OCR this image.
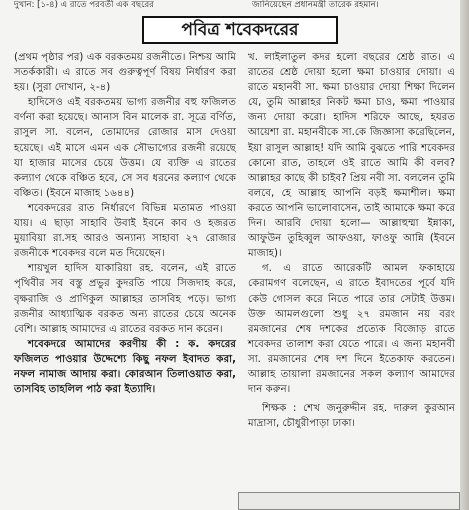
দুখান: [১-৪) এ রাতে পরবর্তী এক বছরের	জানিয়েছেন প্রধানমন্ত্রী তারেক রহমান।
পবিত্র শবেকদরের

(প্রথম পৃষ্ঠার পর) এক বরকতময় রজনীতে। নিশ্চয় আমি সতর্ককারী। এ রাতে সব গুরুত্বপূর্ণ বিষয় নির্ধারণ করা হয়। (সুরা দোখান, ২-৪)

হাদিসেও এই বরকতময় ভাগ্য রজনীর বহু ফজিলত বর্ণনা করা হয়েছে। আনাস বিন মালেক রা. সূত্রে বর্ণিত, রাসুল সা. বলেন, তোমাদের রোজার মাস দেওয়া হয়েছে। এই মাসে এমন এক সৌভাগ্যের রজনী রয়েছে যা হাজার মাসের চেয়ে উত্তম। যে ব্যক্তি এ রাতের কল্যাণ থেকে বঞ্চিত হবে, সে সব ধরনের কল্যাণ থেকে বঞ্চিত। (ইবনে মাজাহ ১৬৪৪)

শবেকদরের রাত নির্ধারণে বিভিন্ন মতামত পাওয়া যায়। এ ছাড়া সাহাবি উবাই ইবনে কাব ও হজরত মুয়াবিয়া রা.সহ আরও অন্যান্য সাহাবা ২৭ রোজার রজনীকে শবেকদর বলে মত দিয়েছেন।

শায়খুল হাদিস যাকারিয়া রহ. বলেন, এই রাতে পৃথিবীর সব বস্তু প্রভুর কুদরতি পায়ে সিজদাহ করে, বৃক্ষরাজি ও প্রাণিকুল আল্লাহর তাসবিহ পড়ে। ভাগ্য রজনীর আধ্যাত্মিক বরকত অন্য রাতের চেয়ে অনেক বেশি। আল্লাহ আমাদের এ রাতের বরকত দান করেন।

শবেকদরে আমাদের করণীয় কী : ক. কদরের ফজিলত পাওয়ার উদ্দেশ্যে কিছু নফল ইবাদত করা, নফল নামাজ আদায় করা। কোরআন তিলাওয়াত করা, তাসবিহ তাহলিল পাঠ করা ইত্যাদি।

খ. লাইলাতুল কদর হলো বছরের শ্রেষ্ঠ রাত। এ রাতের শ্রেষ্ঠ দোয়া হলো ক্ষমা চাওয়ার দোয়া। এ রাতে মহানবী সা. ক্ষমা চাওয়ার দোয়া শিক্ষা দিলেন যে, তুমি আল্লাহর নিকট ক্ষমা চাও, ক্ষমা পাওয়ার জন্য দোয়া করো। হাদিস শরিফে আছে, হযরত আয়েশা রা. মহানবীকে সা.কে জিজ্ঞাসা করেছিলেন, ইয়া রাসুল আল্লাহ! যদি আমি বুঝতে পারি শবেকদর কোনো রাত, তাহলে ওই রাতে আমি কী বলব? আল্লাহর কাছে কী চাইব? প্রিয় নবী সা. বললেন তুমি বলবে, হে আল্লাহ আপনি বড়ই ক্ষমাশীল। ক্ষমা করতে আপনি ভালোবাসেন, তাই আমাকে ক্ষমা করে দিন। আরবি দোয়া হলো— আল্লাহুম্মা ইন্নাকা, আফুউন তুহিব্বুল আফওয়া, ফাওফু আন্নি (ইবনে মাজাহ)।

গ. এ রাতে আরেকটি আমল ফকাহায়ে কেরামগণ বলেছেন, এ রাতে ইবাদতের পূর্বে যদি কেউ গোসল করে নিতে পারে তার সেটাই উত্তম। উক্ত আমলগুলো শুধু ২৭ রমজান নয় বরং রমজানের শেষ দশকের প্রত্যেক বিজোড় রাতে শবেকদর তালাশ করা যেতে পারে। এ জন্য মহানবী সা. রমজানের শেষ দশ দিনে ইতেকাফ করতেন। আল্লাহ তায়ালা রমজানের সকল কল্যাণ আমাদের দান করুন।

শিক্ষক : শেখ জনুরুদ্দীন রহ. দারুল কুরআন মাদ্রাসা, চৌধুরীপাড়া ঢাকা।
